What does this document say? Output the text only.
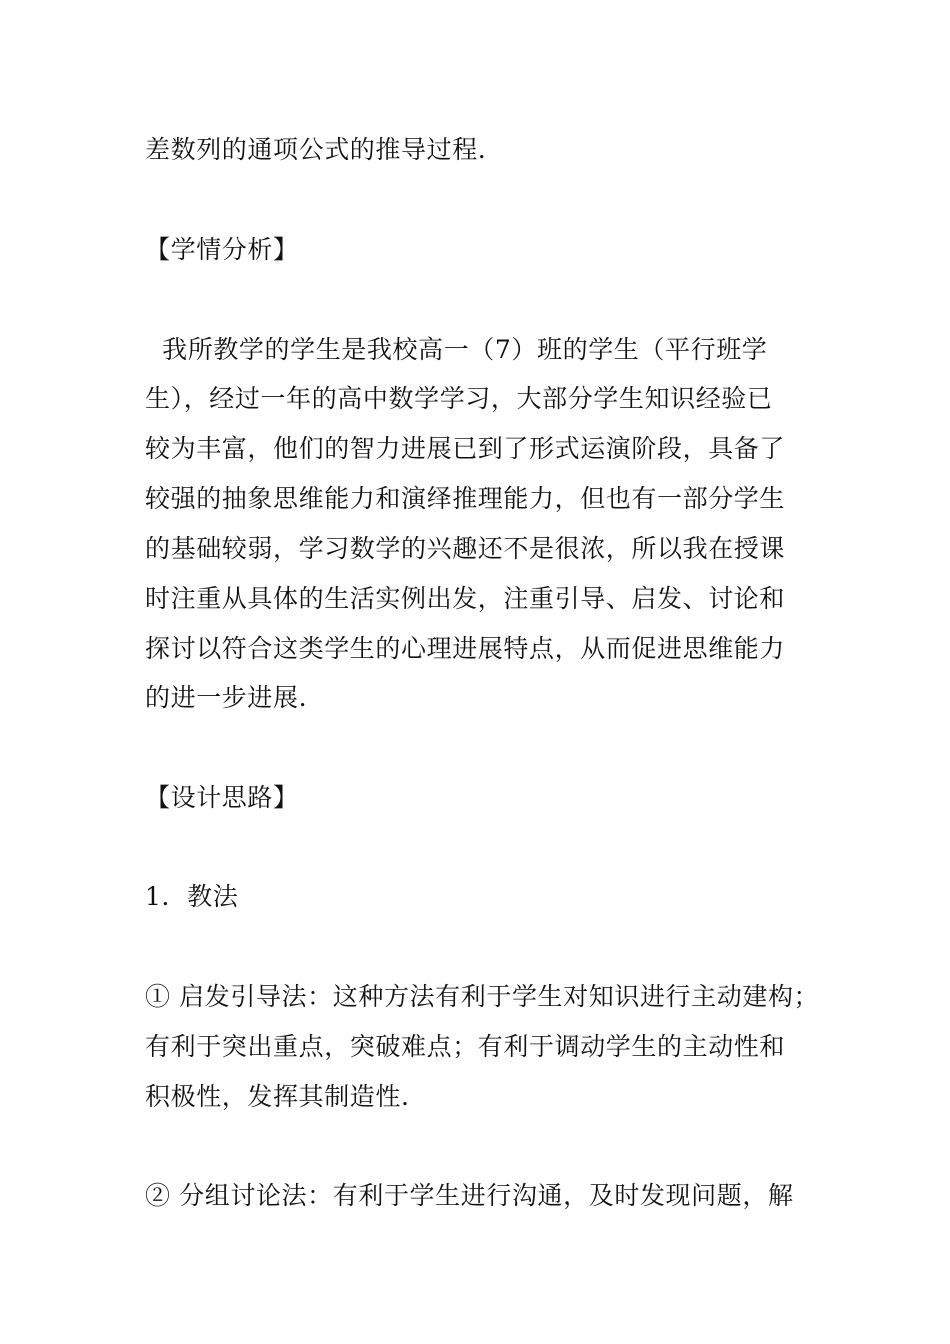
差数列的通项公式的推导过程.
【学情分析】
我所教学的学生是我校高一（7）班的学生（平行班学
生），经过一年的高中数学学习，大部分学生知识经验已
较为丰富，他们的智力进展已到了形式运演阶段，具备了
较强的抽象思维能力和演绎推理能力，但也有一部分学生
的基础较弱，学习数学的兴趣还不是很浓，所以我在授课
时注重从具体的生活实例出发，注重引导、启发、讨论和
探讨以符合这类学生的心理进展特点，从而促进思维能力
的进一步进展.
【设计思路】
1．教法
① 启发引导法：这种方法有利于学生对知识进行主动建构；
有利于突出重点，突破难点；有利于调动学生的主动性和
积极性，发挥其制造性.
② 分组讨论法：有利于学生进行沟通，及时发现问题，解
